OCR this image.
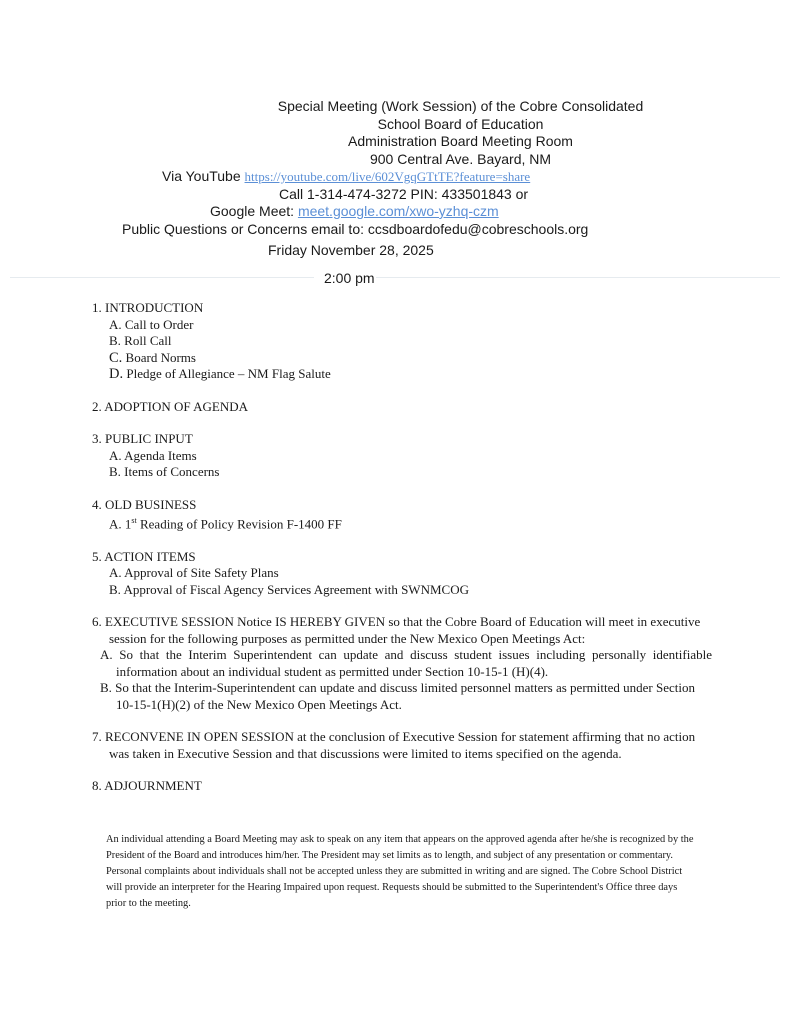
Special Meeting (Work Session) of the Cobre Consolidated
School Board of Education
Administration Board Meeting Room
900 Central Ave. Bayard, NM
Via YouTube https://youtube.com/live/602VgqGTtTE?feature=share
Call 1-314-474-3272 PIN: 433501843 or
Google Meet: meet.google.com/xwo-yzhq-czm
Public Questions or Concerns email to: ccsdboardofedu@cobreschools.org
Friday November 28, 2025
2:00 pm
1. INTRODUCTION
A. Call to Order
B. Roll Call
C. Board Norms
D. Pledge of Allegiance – NM Flag Salute
2. ADOPTION OF AGENDA
3. PUBLIC INPUT
A. Agenda Items
B. Items of Concerns
4. OLD BUSINESS
A. 1st Reading of Policy Revision F-1400 FF
5. ACTION ITEMS
A. Approval of Site Safety Plans
B. Approval of Fiscal Agency Services Agreement with SWNMCOG
6. EXECUTIVE SESSION Notice IS HEREBY GIVEN so that the Cobre Board of Education will meet in executive
session for the following purposes as permitted under the New Mexico Open Meetings Act:
A. So that the Interim Superintendent can update and discuss student issues including personally identifiable information about an individual student as permitted under Section 10-15-1 (H)(4).
B. So that the Interim-Superintendent can update and discuss limited personnel matters as permitted under Section 10-15-1(H)(2) of the New Mexico Open Meetings Act.
7. RECONVENE IN OPEN SESSION at the conclusion of Executive Session for statement affirming that no action
was taken in Executive Session and that discussions were limited to items specified on the agenda.
8. ADJOURNMENT
An individual attending a Board Meeting may ask to speak on any item that appears on the approved agenda after he/she is recognized by the President of the Board and introduces him/her. The President may set limits as to length, and subject of any presentation or commentary. Personal complaints about individuals shall not be accepted unless they are submitted in writing and are signed. The Cobre School District will provide an interpreter for the Hearing Impaired upon request. Requests should be submitted to the Superintendent's Office three days prior to the meeting.
